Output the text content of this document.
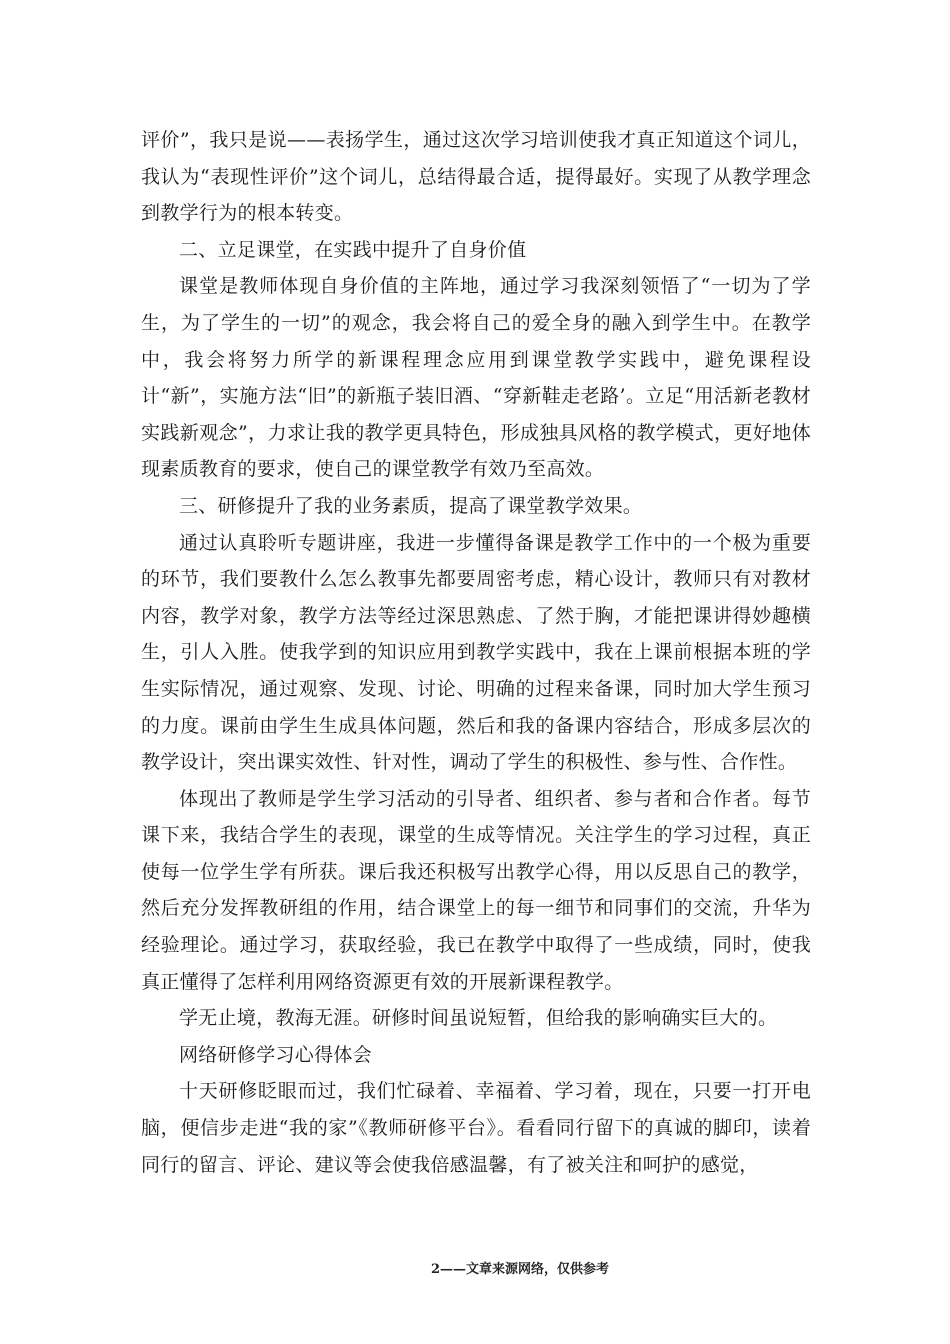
评价”，我只是说——表扬学生，通过这次学习培训使我才真正知道这个词儿，我认为“表现性评价”这个词儿，总结得最合适，提得最好。实现了从教学理念到教学行为的根本转变。

二、立足课堂，在实践中提升了自身价值

课堂是教师体现自身价值的主阵地，通过学习我深刻领悟了“一切为了学生，为了学生的一切”的观念，我会将自己的爱全身的融入到学生中。在教学中，我会将努力所学的新课程理念应用到课堂教学实践中，避免课程设计“新”，实施方法“旧”的新瓶子装旧酒、“穿新鞋走老路’。立足“用活新老教材实践新观念”，力求让我的教学更具特色，形成独具风格的教学模式，更好地体现素质教育的要求，使自己的课堂教学有效乃至高效。

三、研修提升了我的业务素质，提高了课堂教学效果。

通过认真聆听专题讲座，我进一步懂得备课是教学工作中的一个极为重要的环节，我们要教什么怎么教事先都要周密考虑，精心设计，教师只有对教材内容，教学对象，教学方法等经过深思熟虑、了然于胸，才能把课讲得妙趣横生，引人入胜。使我学到的知识应用到教学实践中，我在上课前根据本班的学生实际情况，通过观察、发现、讨论、明确的过程来备课，同时加大学生预习的力度。课前由学生生成具体问题，然后和我的备课内容结合，形成多层次的教学设计，突出课实效性、针对性，调动了学生的积极性、参与性、合作性。

体现出了教师是学生学习活动的引导者、组织者、参与者和合作者。每节课下来，我结合学生的表现，课堂的生成等情况。关注学生的学习过程，真正使每一位学生学有所获。课后我还积极写出教学心得，用以反思自己的教学，然后充分发挥教研组的作用，结合课堂上的每一细节和同事们的交流，升华为经验理论。通过学习，获取经验，我已在教学中取得了一些成绩，同时，使我真正懂得了怎样利用网络资源更有效的开展新课程教学。

学无止境，教海无涯。研修时间虽说短暂，但给我的影响确实巨大的。

网络研修学习心得体会

十天研修眨眼而过，我们忙碌着、幸福着、学习着，现在，只要一打开电脑，便信步走进“我的家”《教师研修平台》。看看同行留下的真诚的脚印，读着同行的留言、评论、建议等会使我倍感温馨，有了被关注和呵护的感觉，

2——文章来源网络，仅供参考
